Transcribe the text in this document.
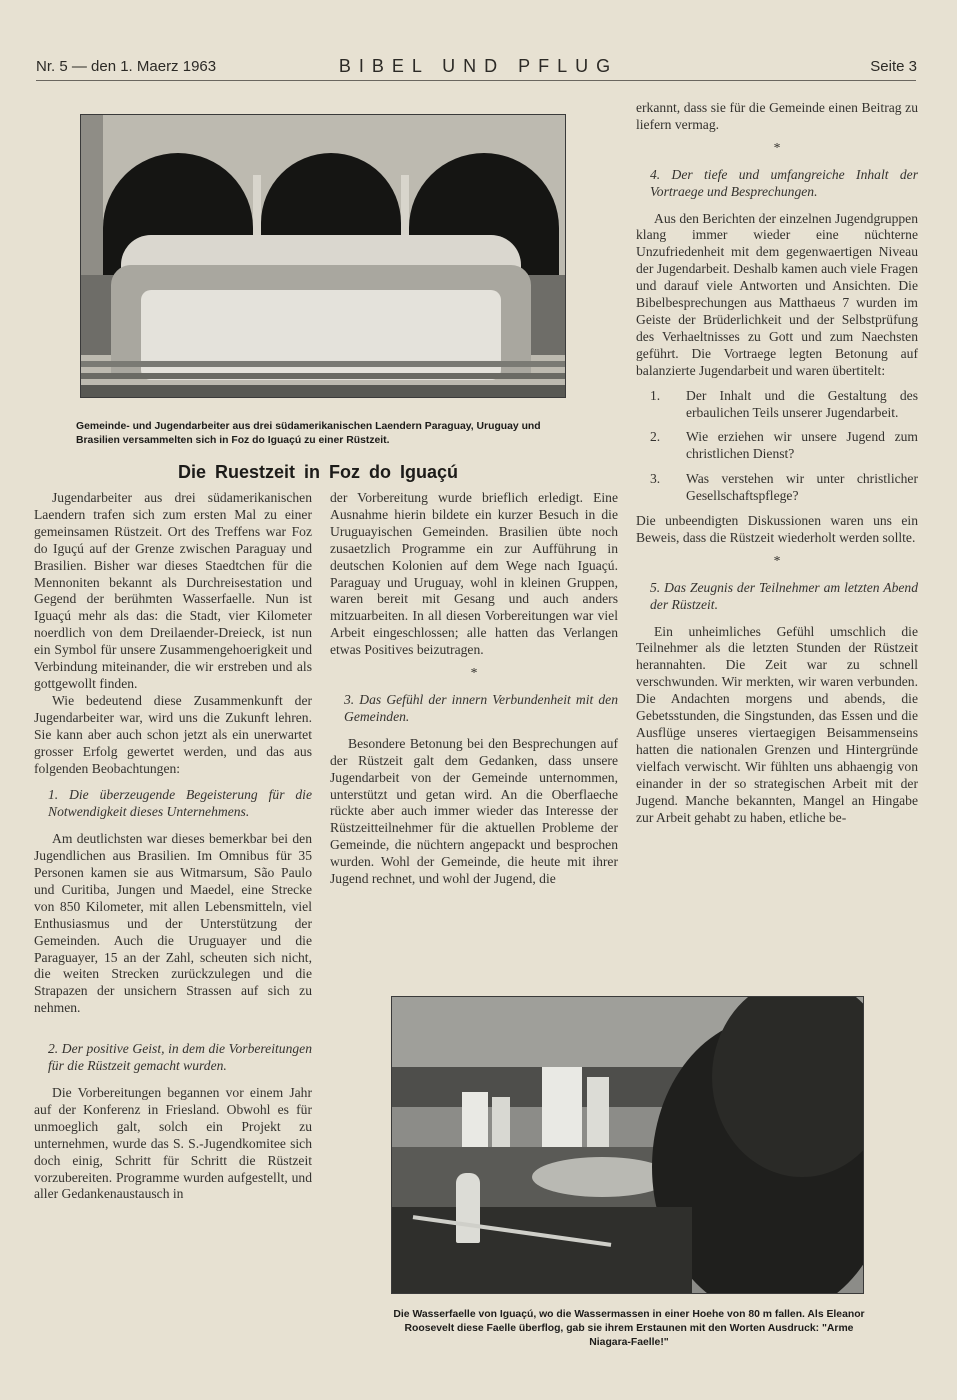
Nr. 5 — den 1. Maerz 1963	BIBEL UND PFLUG	Seite 3
Gemeinde- und Jugendarbeiter aus drei südamerikanischen Laendern Paraguay, Uruguay und Brasilien versammelten sich in Foz do Iguaçú zu einer Rüstzeit.
Die Ruestzeit in Foz do Iguaçú

Jugendarbeiter aus drei südamerikanischen Laendern trafen sich zum ersten Mal zu einer gemeinsamen Rüstzeit. Ort des Treffens war Foz do Iguçú auf der Grenze zwischen Paraguay und Brasilien. Bisher war dieses Staedtchen für die Mennoniten bekannt als Durchreisestation und Gegend der berühmten Wasserfaelle. Nun ist Iguaçú mehr als das: die Stadt, vier Kilometer noerdlich von dem Dreilaender-Dreieck, ist nun ein Symbol für unsere Zusammengehoerigkeit und Verbindung miteinander, die wir erstreben und als gottgewollt finden.

Wie bedeutend diese Zusammenkunft der Jugendarbeiter war, wird uns die Zukunft lehren. Sie kann aber auch schon jetzt als ein unerwartet grosser Erfolg gewertet werden, und das aus folgenden Beobachtungen:

1. Die überzeugende Begeisterung für die Notwendigkeit dieses Unternehmens.

Am deutlichsten war dieses bemerkbar bei den Jugendlichen aus Brasilien. Im Omnibus für 35 Personen kamen sie aus Witmarsum, São Paulo und Curitiba, Jungen und Maedel, eine Strecke von 850 Kilometer, mit allen Lebensmitteln, viel Enthusiasmus und der Unterstützung der Gemeinden. Auch die Uruguayer und die Paraguayer, 15 an der Zahl, scheuten sich nicht, die weiten Strecken zurückzulegen und die Strapazen der unsichern Strassen auf sich zu nehmen.

2. Der positive Geist, in dem die Vorbereitungen für die Rüstzeit gemacht wurden.

Die Vorbereitungen begannen vor einem Jahr auf der Konferenz in Friesland. Obwohl es für unmoeglich galt, solch ein Projekt zu unternehmen, wurde das S. S.-Jugendkomitee sich doch einig, Schritt für Schritt die Rüstzeit vorzubereiten. Programme wurden aufgestellt, und aller Gedankenaustausch in

der Vorbereitung wurde brieflich erledigt. Eine Ausnahme hierin bildete ein kurzer Besuch in die Uruguayischen Gemeinden. Brasilien übte noch zusaetzlich Programme ein zur Aufführung in deutschen Kolonien auf dem Wege nach Iguaçú. Paraguay und Uruguay, wohl in kleinen Gruppen, waren bereit mit Gesang und auch anders mitzuarbeiten. In all diesen Vorbereitungen war viel Arbeit eingeschlossen; alle hatten das Verlangen etwas Positives beizutragen.

*

3. Das Gefühl der innern Verbundenheit mit den Gemeinden.

Besondere Betonung bei den Besprechungen auf der Rüstzeit galt dem Gedanken, dass unsere Jugendarbeit von der Gemeinde unternommen, unterstützt und getan wird. An die Oberflaeche rückte aber auch immer wieder das Interesse der Rüstzeitteilnehmer für die aktuellen Probleme der Gemeinde, die nüchtern angepackt und besprochen wurden. Wohl der Gemeinde, die heute mit ihrer Jugend rechnet, und wohl der Jugend, die

erkannt, dass sie für die Gemeinde einen Beitrag zu liefern vermag.

*

4. Der tiefe und umfangreiche Inhalt der Vortraege und Besprechungen.

Aus den Berichten der einzelnen Jugendgruppen klang immer wieder eine nüchterne Unzufriedenheit mit dem gegenwaertigen Niveau der Jugendarbeit. Deshalb kamen auch viele Fragen und darauf viele Antworten und Ansichten. Die Bibelbesprechungen aus Matthaeus 7 wurden im Geiste der Brüderlichkeit und der Selbstprüfung des Verhaeltnisses zu Gott und zum Naechsten geführt. Die Vortraege legten Betonung auf balanzierte Jugendarbeit und waren übertitelt:

1.	Der Inhalt und die Gestaltung des erbaulichen Teils unserer Jugendarbeit.
2.	Wie erziehen wir unsere Jugend zum christlichen Dienst?
3.	Was verstehen wir unter christlicher Gesellschaftspflege?

Die unbeendigten Diskussionen waren uns ein Beweis, dass die Rüstzeit wiederholt werden sollte.

*

5. Das Zeugnis der Teilnehmer am letzten Abend der Rüstzeit.

Ein unheimliches Gefühl umschlich die Teilnehmer als die letzten Stunden der Rüstzeit herannahten. Die Zeit war zu schnell verschwunden. Wir merkten, wir waren verbunden. Die Andachten morgens und abends, die Gebetsstunden, die Singstunden, das Essen und die Ausflüge unseres viertaegigen Beisammenseins hatten die nationalen Grenzen und Hintergründe vielfach verwischt. Wir fühlten uns abhaengig von einander in der so strategischen Arbeit mit der Jugend. Manche bekannten, Mangel an Hingabe zur Arbeit gehabt zu haben, etliche be-

Die Wasserfaelle von Iguaçú, wo die Wassermassen in einer Hoehe von 80 m fallen. Als Eleanor Roosevelt diese Faelle überflog, gab sie ihrem Erstaunen mit den Worten Ausdruck: "Arme Niagara-Faelle!"
